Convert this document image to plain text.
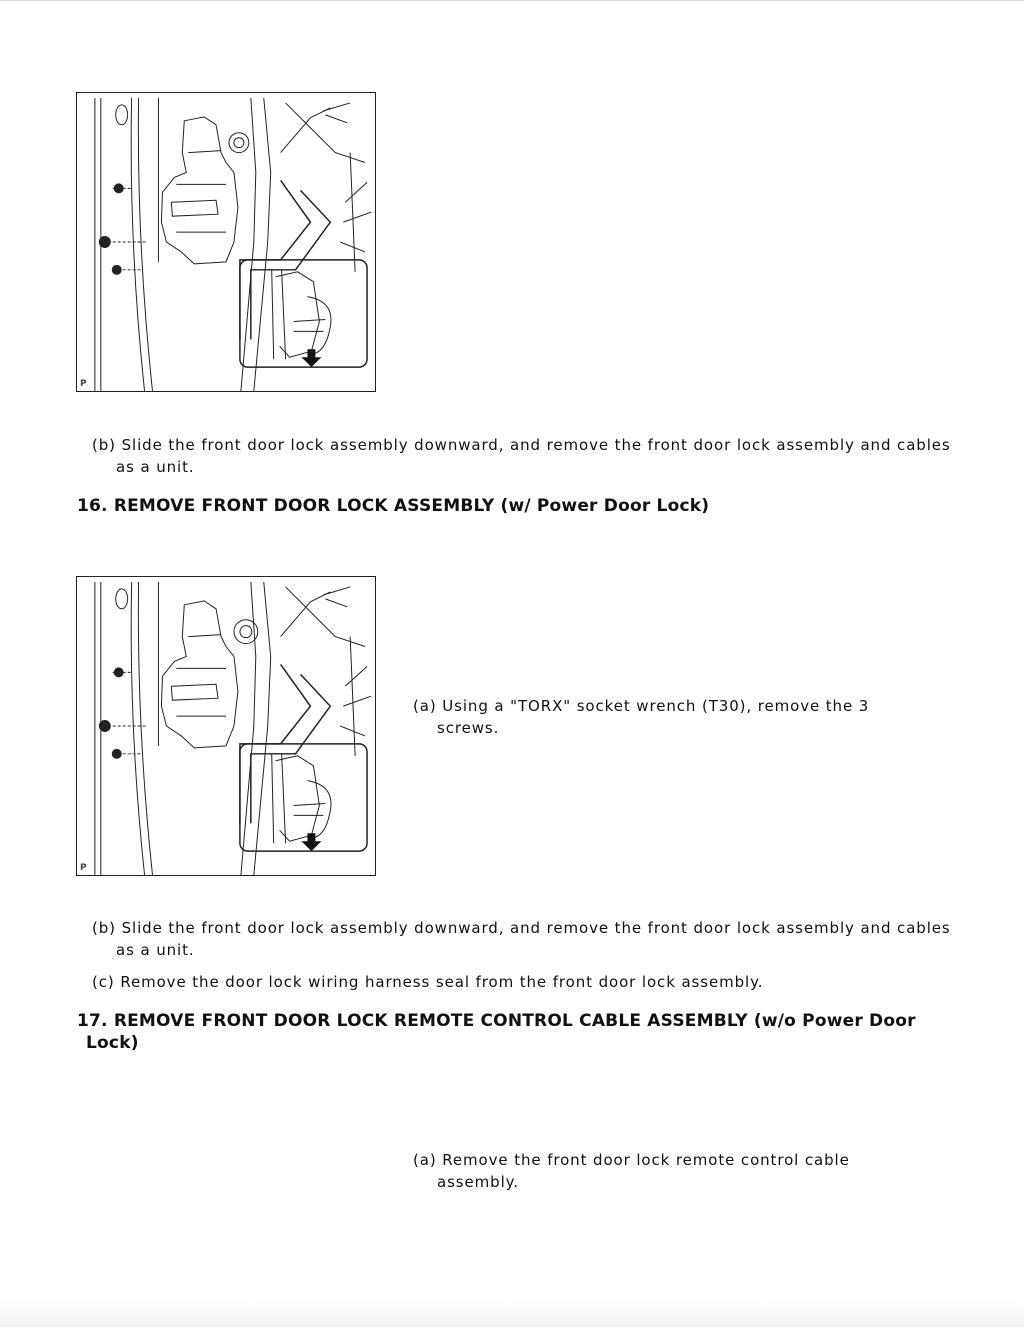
P
(b) Slide the front door lock assembly downward, and remove the front door lock assembly and cables
as a unit.
16. REMOVE FRONT DOOR LOCK ASSEMBLY (w/ Power Door Lock)
P
(a) Using a "TORX" socket wrench (T30), remove the 3
screws.
(b) Slide the front door lock assembly downward, and remove the front door lock assembly and cables
as a unit.
(c) Remove the door lock wiring harness seal from the front door lock assembly.
17. REMOVE FRONT DOOR LOCK REMOTE CONTROL CABLE ASSEMBLY (w/o Power Door
Lock)
(a) Remove the front door lock remote control cable
assembly.
